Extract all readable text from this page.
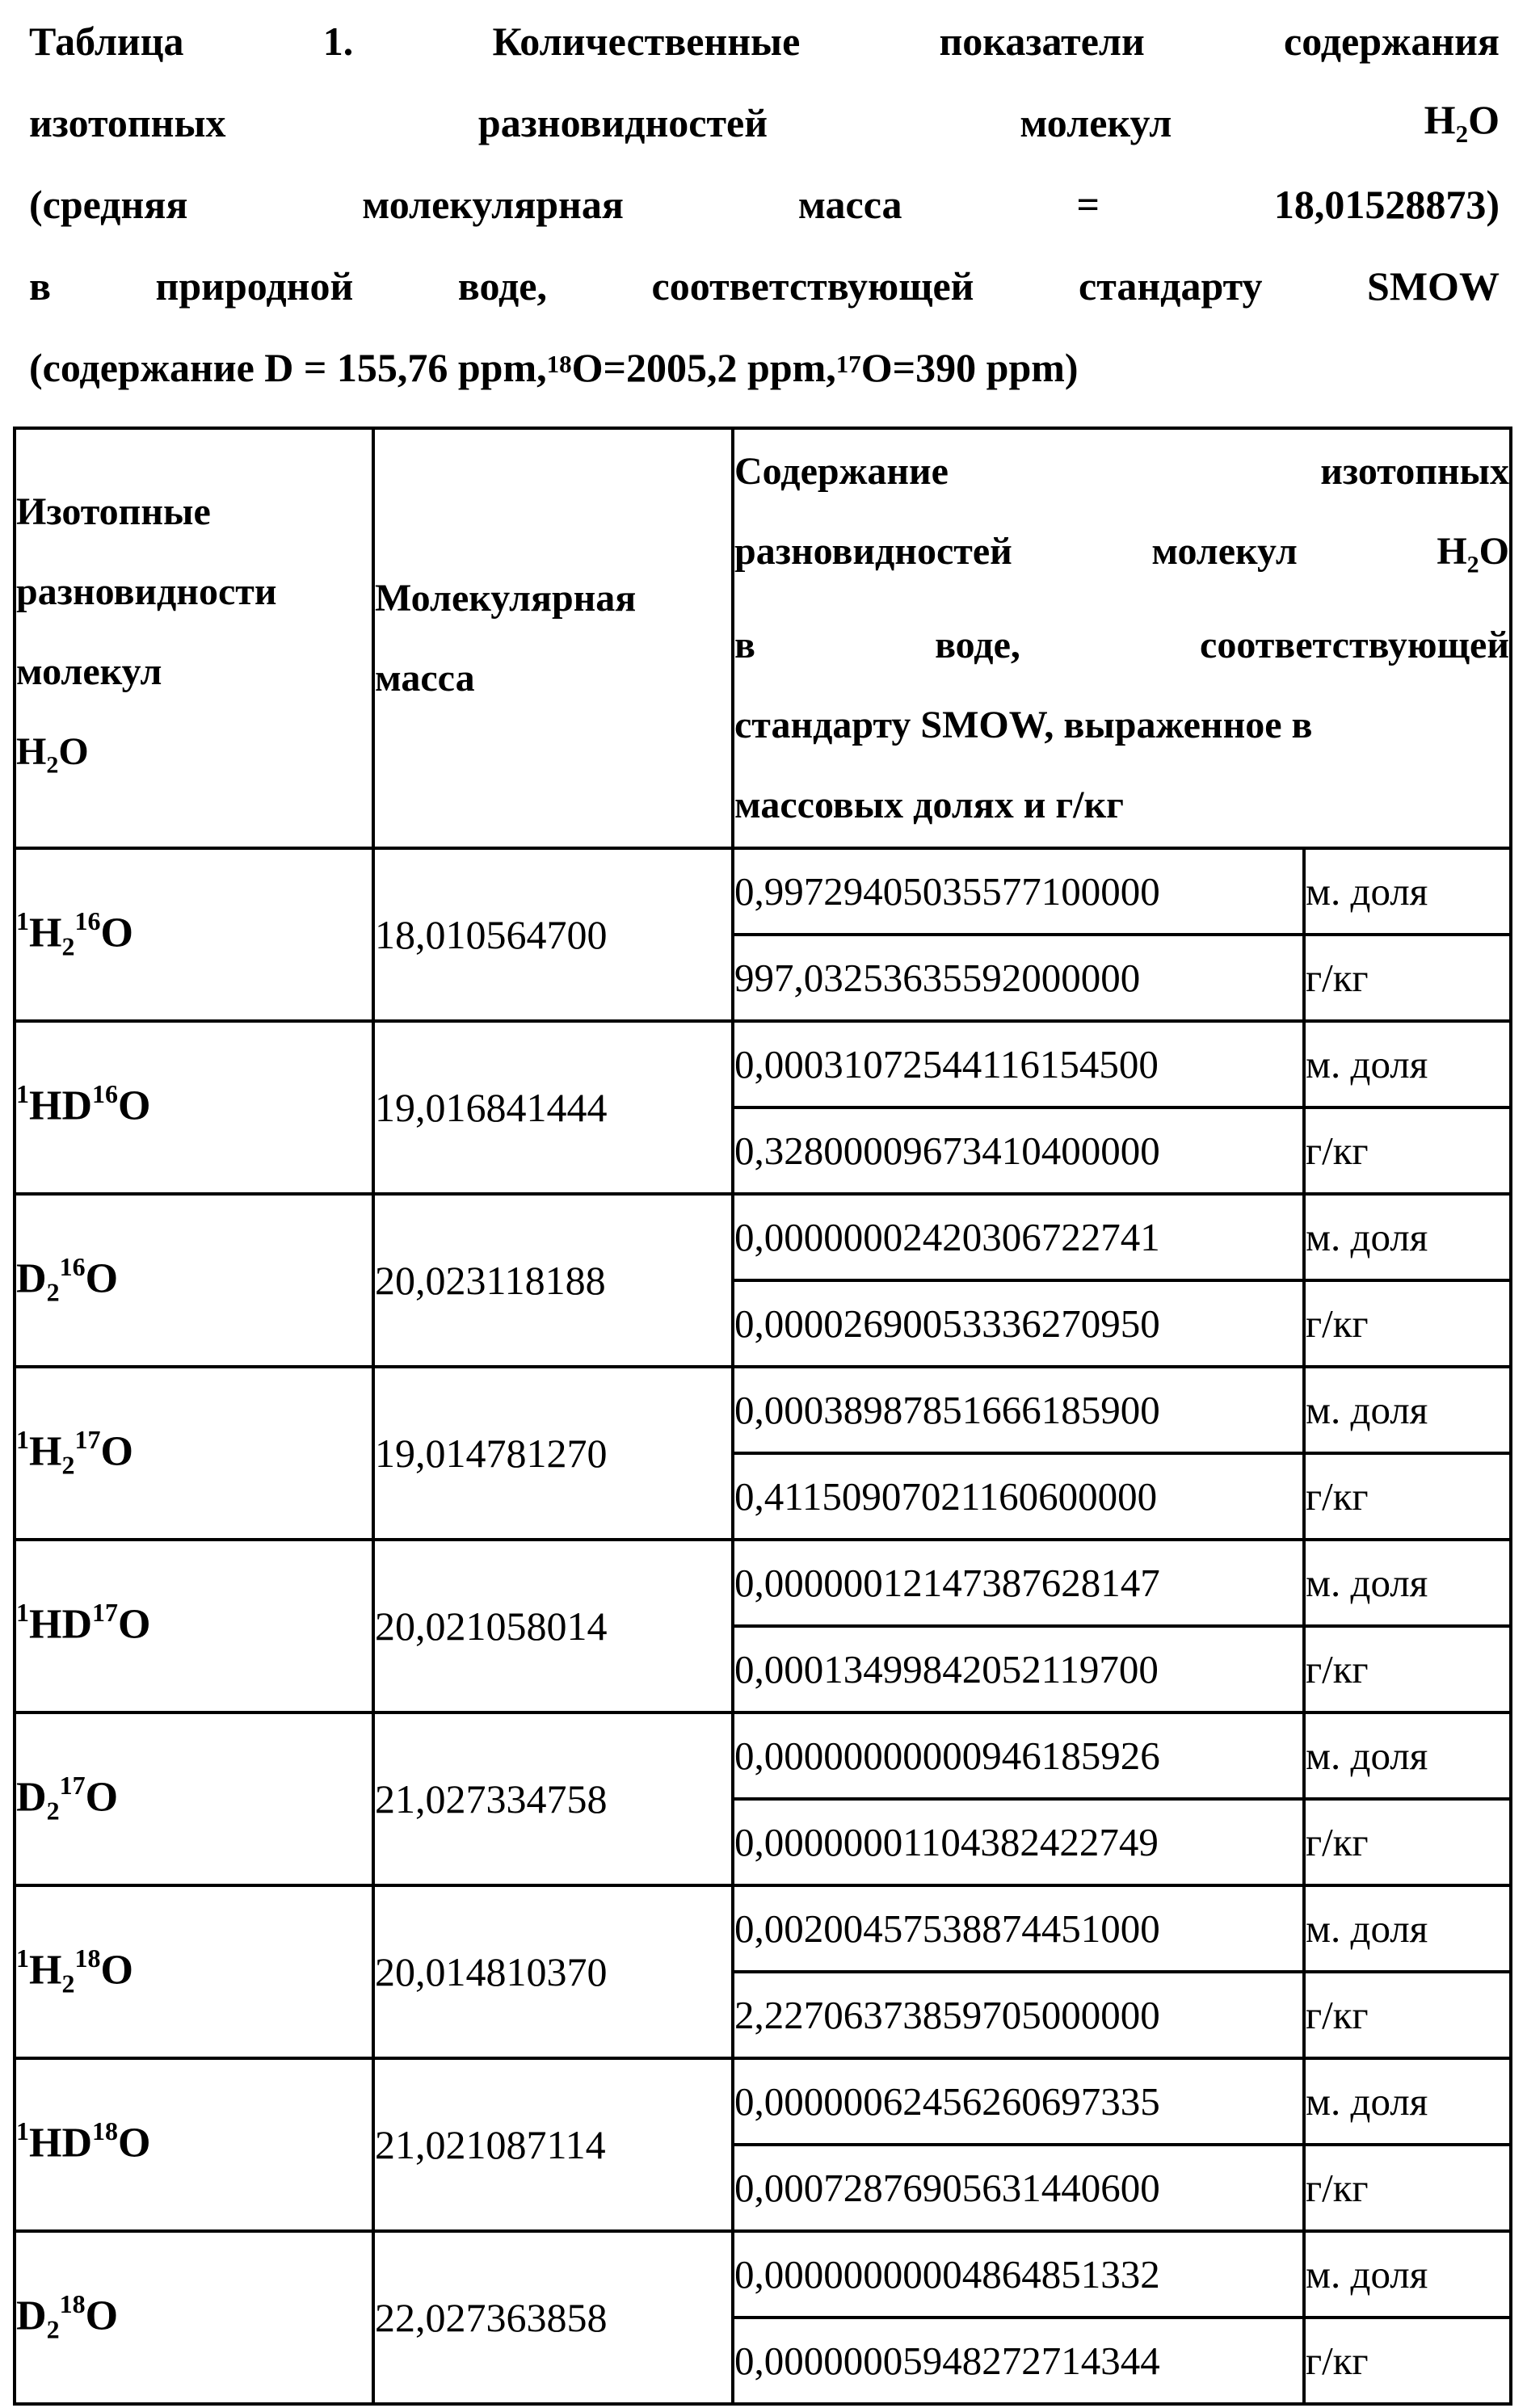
Таблица	1.	Количественные	показатели	содержания
изотопных	разновидностей	молекул	H2O
(средняя	молекулярная	масса	=	18,01528873)
в	природной	воде,	соответствующей	стандарту	SMOW
(содержание D = 155,76 ppm, 18 O=2005,2 ppm, 17 O=390 ppm)
Изотопные
разновидности
молекул
H2O

Молекулярная
масса

Содержание	изотопных
разновидностей	молекул	H2O
в	воде,	соответствующей
стандарту SMOW, выраженное в
массовых долях и г/кг

1H216O	18,010564700	0,99729405035577100000	м. доля
997,03253635592000000	г/кг
1HD16O	19,016841444	0,00031072544116154500	м. доля
0,32800009673410400000	г/кг
D216O	20,023118188	0,00000002420306722741	м. доля
0,00002690053336270950	г/кг
1H217O	19,014781270	0,00038987851666185900	м. доля
0,41150907021160600000	г/кг
1HD17O	20,021058014	0,00000012147387628147	м. доля
0,00013499842052119700	г/кг
D217O	21,027334758	0,00000000000946185926	м. доля
0,00000001104382422749	г/кг
1H218O	20,014810370	0,00200457538874451000	м. доля
2,22706373859705000000	г/кг
1HD18O	21,021087114	0,00000062456260697335	м. доля
0,00072876905631440600	г/кг
D218O	22,027363858	0,00000000004864851332	м. доля
0,00000005948272714344	г/кг
